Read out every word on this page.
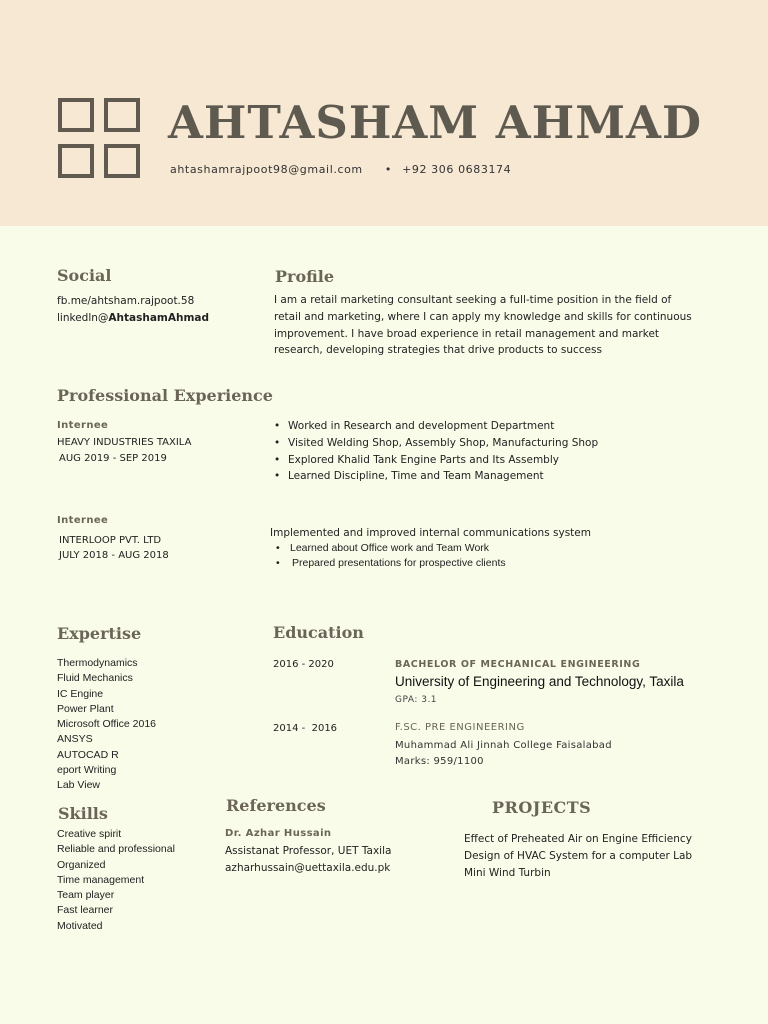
AHTASHAM AHMAD
ahtashamrajpoot98@gmail.com • +92 306 0683174
Social
fb.me/ahtsham.rajpoot.58
linkedln@AhtashamAhmad
Profile
I am a retail marketing consultant seeking a full-time position in the field of
retail and marketing, where I can apply my knowledge and skills for continuous
improvement. I have broad experience in retail management and market
research, developing strategies that drive products to success
Professional Experience
Internee
HEAVY INDUSTRIES TAXILA
AUG 2019 - SEP 2019
• Worked in Research and development Department
• Visited Welding Shop, Assembly Shop, Manufacturing Shop
• Explored Khalid Tank Engine Parts and Its Assembly
• Learned Discipline, Time and Team Management
Internee
INTERLOOP PVT. LTD
JULY 2018 - AUG 2018
Implemented and improved internal communications system
• Learned about Office work and Team Work
• Prepared presentations for prospective clients
Expertise
Thermodynamics
Fluid Mechanics
IC Engine
Power Plant
Microsoft Office 2016
ANSYS
AUTOCAD R
eport Writing
Lab View
Education
2016 - 2020	BACHELOR OF MECHANICAL ENGINEERING
University of Engineering and Technology, Taxila
GPA: 3.1
2014 -  2016	F.SC. PRE ENGINEERING
Muhammad Ali Jinnah College Faisalabad
Marks: 959/1100
Skills
Creative spirit
Reliable and professional
Organized
Time management
Team player
Fast learner
Motivated
References
Dr. Azhar Hussain
Assistanat Professor, UET Taxila
azharhussain@uettaxila.edu.pk
PROJECTS
Effect of Preheated Air on Engine Efficiency
Design of HVAC System for a computer Lab
Mini Wind Turbin
